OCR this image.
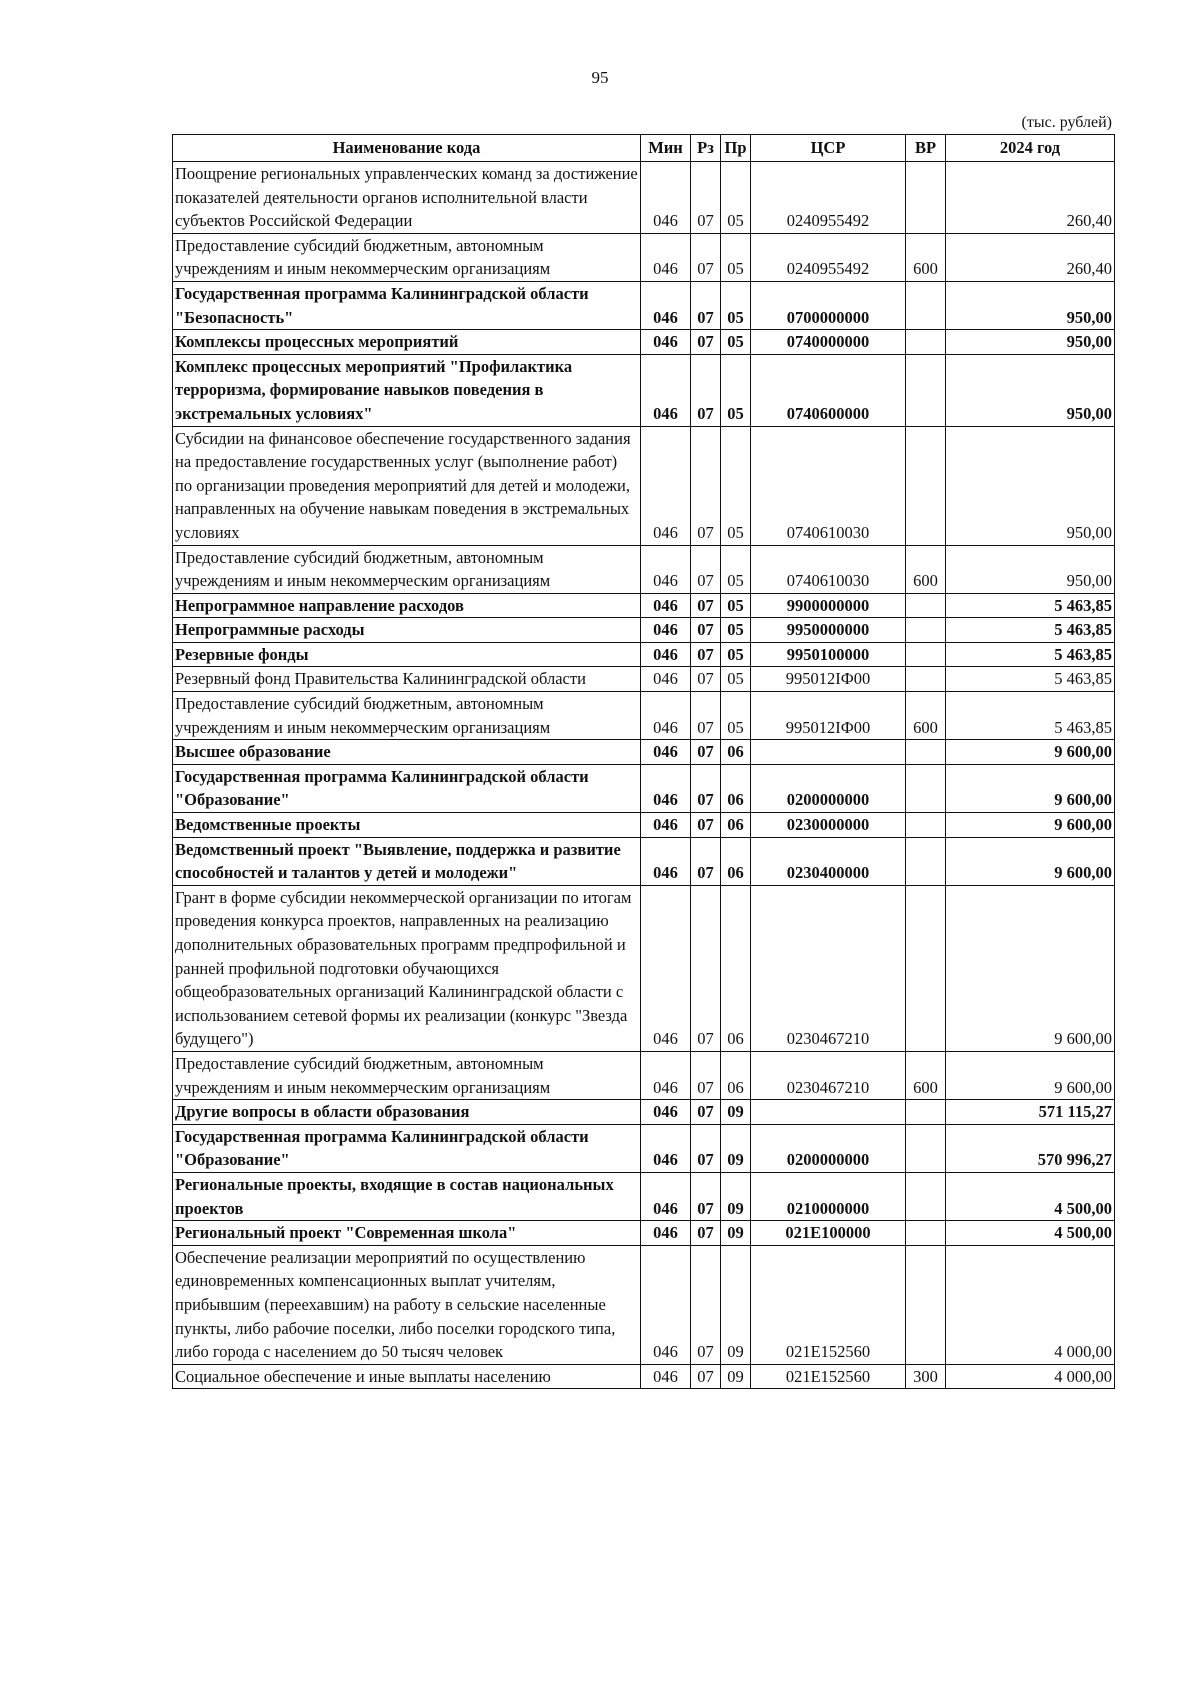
95
(тыс. рублей)
Наименование кода	Мин	Рз	Пр	ЦСР	ВР	2024 год
Поощрение региональных управленческих команд за достижение показателей деятельности органов исполнительной власти субъектов Российской Федерации	046	07	05	0240955492		260,40
Предоставление субсидий бюджетным, автономным учреждениям и иным некоммерческим организациям	046	07	05	0240955492	600	260,40
Государственная программа Калининградской области "Безопасность"	046	07	05	0700000000		950,00
Комплексы процессных мероприятий	046	07	05	0740000000		950,00
Комплекс процессных мероприятий "Профилактика терроризма, формирование навыков поведения в экстремальных условиях"	046	07	05	0740600000		950,00
Субсидии на финансовое обеспечение государственного задания на предоставление государственных услуг (выполнение работ) по организации проведения мероприятий для детей и молодежи, направленных на обучение навыкам поведения в экстремальных условиях	046	07	05	0740610030		950,00
Предоставление субсидий бюджетным, автономным учреждениям и иным некоммерческим организациям	046	07	05	0740610030	600	950,00
Непрограммное направление расходов	046	07	05	9900000000		5 463,85
Непрограммные расходы	046	07	05	9950000000		5 463,85
Резервные фонды	046	07	05	9950100000		5 463,85
Резервный фонд Правительства Калининградской области	046	07	05	995012IФ00		5 463,85
Предоставление субсидий бюджетным, автономным учреждениям и иным некоммерческим организациям	046	07	05	995012IФ00	600	5 463,85
Высшее образование	046	07	06			9 600,00
Государственная программа Калининградской области "Образование"	046	07	06	0200000000		9 600,00
Ведомственные проекты	046	07	06	0230000000		9 600,00
Ведомственный проект "Выявление, поддержка и развитие способностей и талантов у детей и молодежи"	046	07	06	0230400000		9 600,00
Грант в форме субсидии некоммерческой организации по итогам проведения конкурса проектов, направленных на реализацию дополнительных образовательных программ предпрофильной и ранней профильной подготовки обучающихся общеобразовательных организаций Калининградской области с использованием сетевой формы их реализации (конкурс "Звезда будущего")	046	07	06	0230467210		9 600,00
Предоставление субсидий бюджетным, автономным учреждениям и иным некоммерческим организациям	046	07	06	0230467210	600	9 600,00
Другие вопросы в области образования	046	07	09			571 115,27
Государственная программа Калининградской области "Образование"	046	07	09	0200000000		570 996,27
Региональные проекты, входящие в состав национальных проектов	046	07	09	0210000000		4 500,00
Региональный проект "Современная школа"	046	07	09	021E100000		4 500,00
Обеспечение реализации мероприятий по осуществлению единовременных компенсационных выплат учителям, прибывшим (переехавшим) на работу в сельские населенные пункты, либо рабочие поселки, либо поселки городского типа, либо города с населением до 50 тысяч человек	046	07	09	021E152560		4 000,00
Социальное обеспечение и иные выплаты населению	046	07	09	021E152560	300	4 000,00
